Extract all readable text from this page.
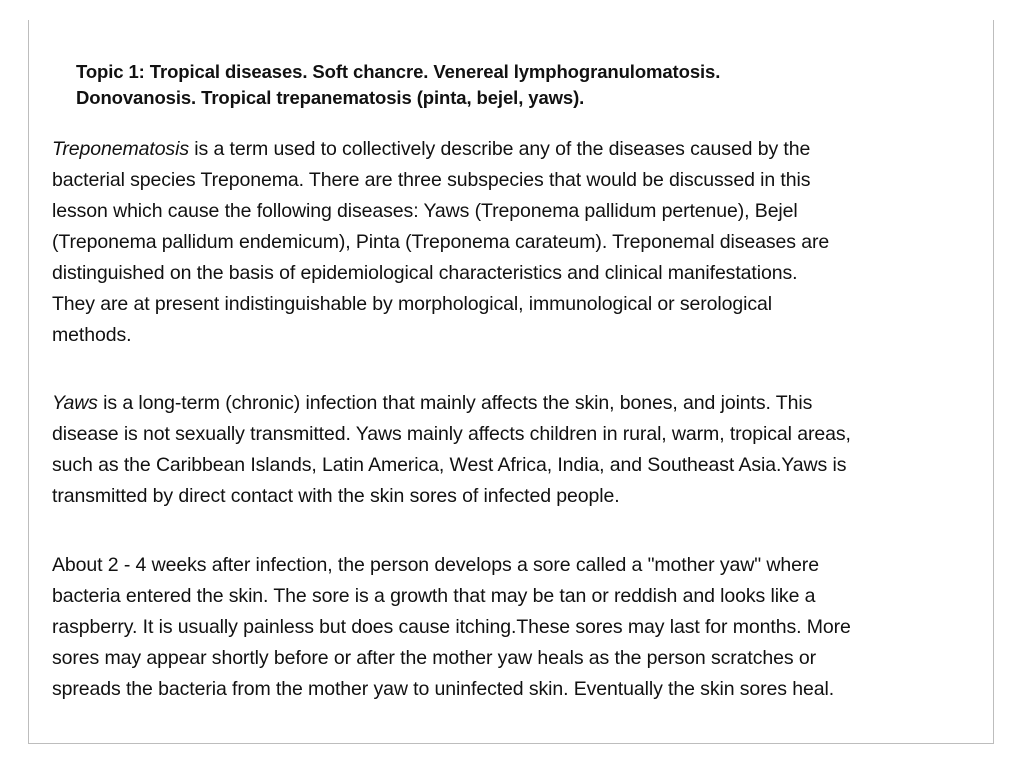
Topic 1: Tropical diseases. Soft chancre. Venereal lymphogranulomatosis.
Donovanosis. Tropical trepanematosis (pinta, bejel, yaws).

Treponematosis is a term used to collectively describe any of the diseases caused by the
bacterial species Treponema. There are three subspecies that would be discussed in this
lesson which cause the following diseases: Yaws (Treponema pallidum pertenue), Bejel
(Treponema pallidum endemicum), Pinta (Treponema carateum). Treponemal diseases are
distinguished on the basis of epidemiological characteristics and clinical manifestations.
They are at present indistinguishable by morphological, immunological or serological
methods.

Yaws is a long-term (chronic) infection that mainly affects the skin, bones, and joints. This
disease is not sexually transmitted. Yaws mainly affects children in rural, warm, tropical areas,
such as the Caribbean Islands, Latin America, West Africa, India, and Southeast Asia.Yaws is
transmitted by direct contact with the skin sores of infected people.

About 2 - 4 weeks after infection, the person develops a sore called a "mother yaw" where
bacteria entered the skin. The sore is a growth that may be tan or reddish and looks like a
raspberry. It is usually painless but does cause itching.These sores may last for months. More
sores may appear shortly before or after the mother yaw heals as the person scratches or
spreads the bacteria from the mother yaw to uninfected skin. Eventually the skin sores heal.
